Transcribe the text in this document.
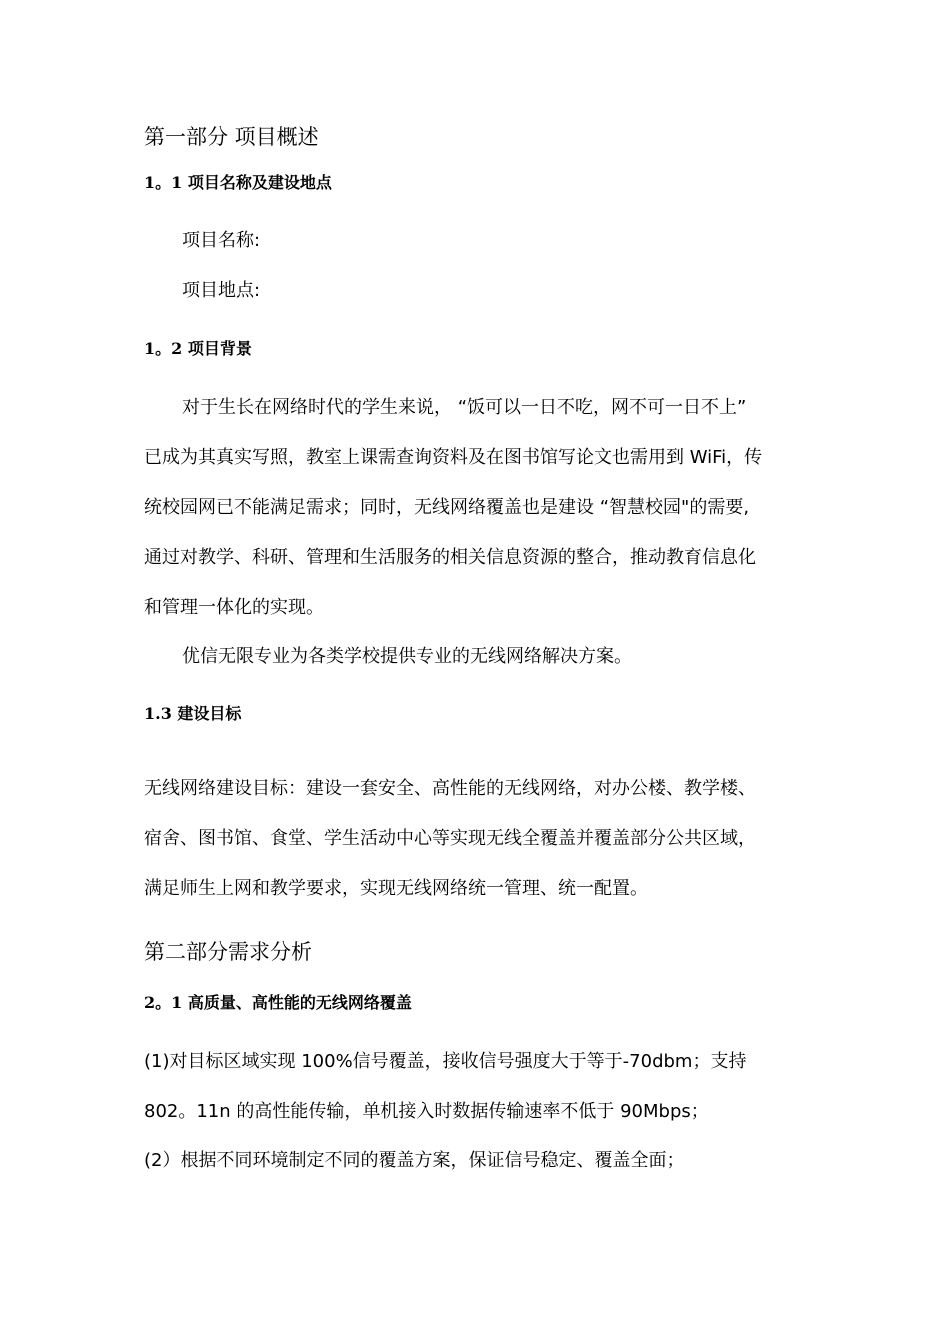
第一部分 项目概述
1。1 项目名称及建设地点

项目名称:

项目地点:

1。2 项目背景
对于生长在网络时代的学生来说， “饭可以一日不吃，网不可一日不上”
已成为其真实写照，教室上课需查询资料及在图书馆写论文也需用到 WiFi，传
统校园网已不能满足需求；同时，无线网络覆盖也是建设 “智慧校园"的需要,
通过对教学、科研、管理和生活服务的相关信息资源的整合，推动教育信息化
和管理一体化的实现。

优信无限专业为各类学校提供专业的无线网络解决方案。

1.3 建设目标
无线网络建设目标：建设一套安全、高性能的无线网络，对办公楼、教学楼、
宿舍、图书馆、食堂、学生活动中心等实现无线全覆盖并覆盖部分公共区域，
满足师生上网和教学要求，实现无线网络统一管理、统一配置。
第二部分需求分析
2。1 高质量、高性能的无线网络覆盖
(1)对目标区域实现 100%信号覆盖，接收信号强度大于等于-70dbm；支持
802。11n 的高性能传输，单机接入时数据传输速率不低于 90Mbps；

(2）根据不同环境制定不同的覆盖方案，保证信号稳定、覆盖全面；
